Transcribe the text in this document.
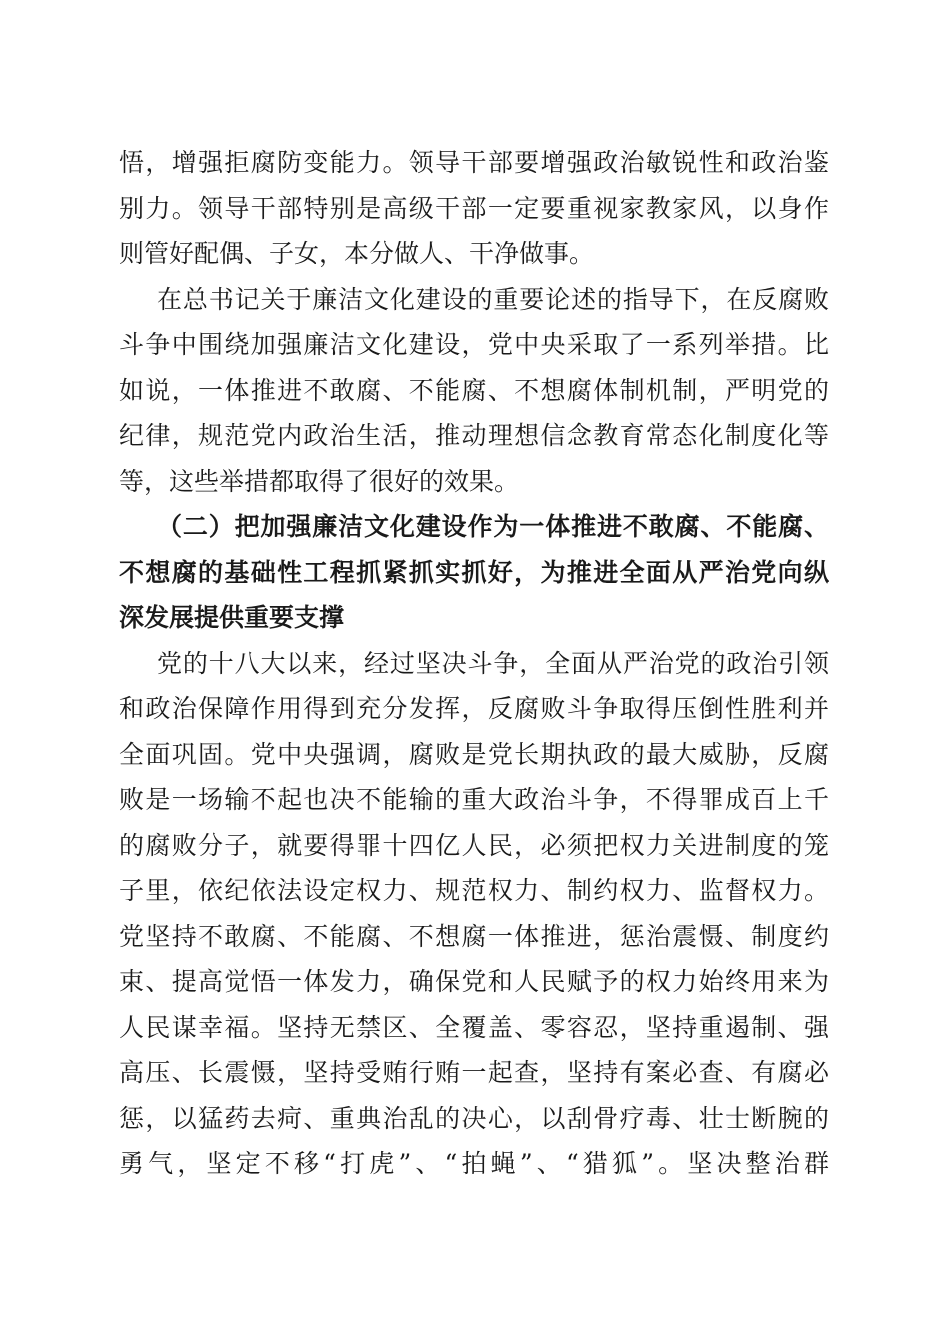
悟，增强拒腐防变能力。领导干部要增强政治敏锐性和政治鉴
别力。领导干部特别是高级干部一定要重视家教家风，以身作
则管好配偶、子女，本分做人、干净做事。
在总书记关于廉洁文化建设的重要论述的指导下，在反腐败
斗争中围绕加强廉洁文化建设，党中央采取了一系列举措。比
如说，一体推进不敢腐、不能腐、不想腐体制机制，严明党的
纪律，规范党内政治生活，推动理想信念教育常态化制度化等
等，这些举措都取得了很好的效果。
（二）把加强廉洁文化建设作为一体推进不敢腐、不能腐、
不想腐的基础性工程抓紧抓实抓好，为推进全面从严治党向纵
深发展提供重要支撑
党的十八大以来，经过坚决斗争，全面从严治党的政治引领
和政治保障作用得到充分发挥，反腐败斗争取得压倒性胜利并
全面巩固。党中央强调，腐败是党长期执政的最大威胁，反腐
败是一场输不起也决不能输的重大政治斗争，不得罪成百上千
的腐败分子，就要得罪十四亿人民，必须把权力关进制度的笼
子里，依纪依法设定权力、规范权力、制约权力、监督权力。
党坚持不敢腐、不能腐、不想腐一体推进，惩治震慑、制度约
束、提高觉悟一体发力，确保党和人民赋予的权力始终用来为
人民谋幸福。坚持无禁区、全覆盖、零容忍，坚持重遏制、强
高压、长震慑，坚持受贿行贿一起查，坚持有案必查、有腐必
惩，以猛药去疴、重典治乱的决心，以刮骨疗毒、壮士断腕的
勇气，坚定不移“打虎”、“拍蝇”、“猎狐”。坚决整治群
